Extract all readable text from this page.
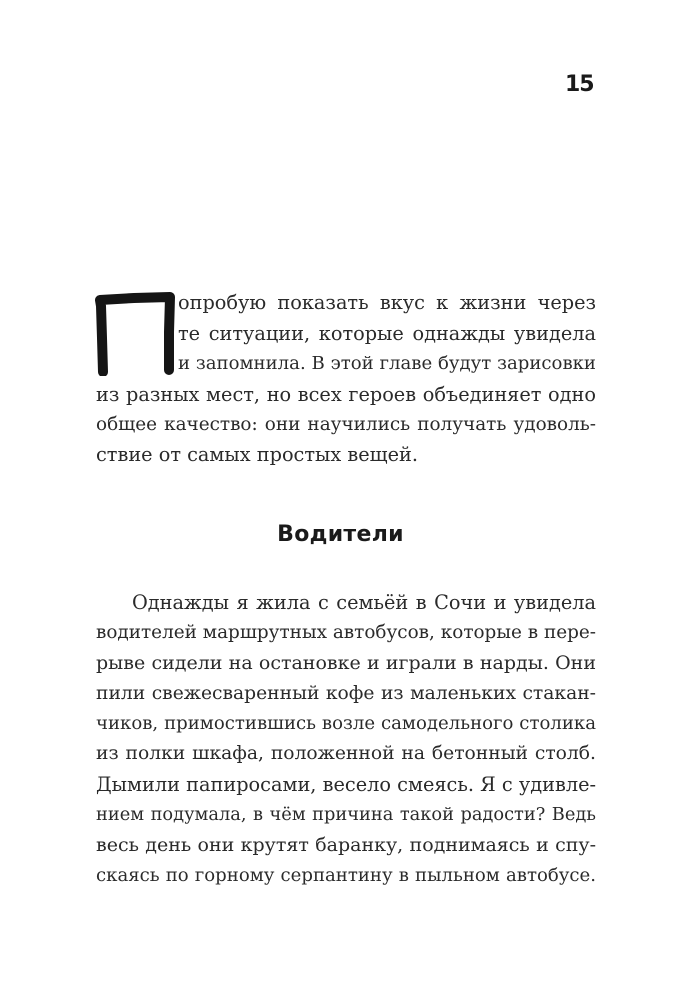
15
опробую показать вкус к жизни через
те ситуации, которые однажды увидела
и запомнила. В этой главе будут зарисовки
из разных мест, но всех героев объединяет одно
общее качество: они научились получать удоволь-
ствие от самых простых вещей.
Водители
Однажды я жила с семьёй в Сочи и увидела
водителей маршрутных автобусов, которые в пере-
рыве сидели на остановке и играли в нарды. Они
пили свежесваренный кофе из маленьких стакан-
чиков, примостившись возле самодельного столика
из полки шкафа, положенной на бетонный столб.
Дымили папиросами, весело смеясь. Я с удивле-
нием подумала, в чём причина такой радости? Ведь
весь день они крутят баранку, поднимаясь и спу-
скаясь по горному серпантину в пыльном автобусе.
